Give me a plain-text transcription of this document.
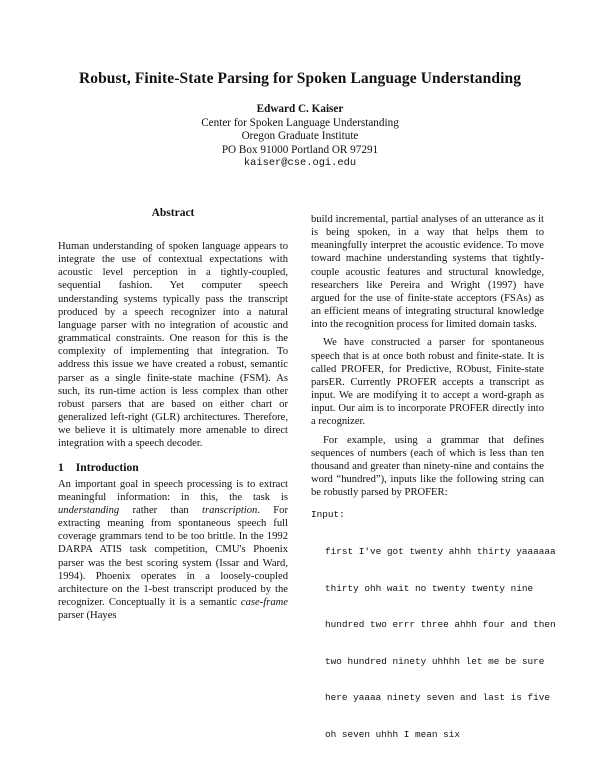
Robust, Finite-State Parsing for Spoken Language Understanding
Edward C. Kaiser
Center for Spoken Language Understanding
Oregon Graduate Institute
PO Box 91000 Portland OR 97291
kaiser@cse.ogi.edu
Abstract

Human understanding of spoken language appears to integrate the use of contextual expectations with acoustic level perception in a tightly-coupled, sequential fashion. Yet computer speech understanding systems typically pass the transcript produced by a speech recognizer into a natural language parser with no integration of acoustic and grammatical constraints. One reason for this is the complexity of implementing that integration. To address this issue we have created a robust, semantic parser as a single finite-state machine (FSM). As such, its run-time action is less complex than other robust parsers that are based on either chart or generalized left-right (GLR) architectures. Therefore, we believe it is ultimately more amenable to direct integration with a speech decoder.

1 Introduction

An important goal in speech processing is to extract meaningful information: in this, the task is understanding rather than transcription. For extracting meaning from spontaneous speech full coverage grammars tend to be too brittle. In the 1992 DARPA ATIS task competition, CMU's Phoenix parser was the best scoring system (Issar and Ward, 1994). Phoenix operates in a loosely-coupled architecture on the 1-best transcript produced by the recognizer. Conceptually it is a semantic case-frame parser (Hayes

build incremental, partial analyses of an utterance as it is being spoken, in a way that helps them to meaningfully interpret the acoustic evidence. To move toward machine understanding systems that tightly-couple acoustic features and structural knowledge, researchers like Pereira and Wright (1997) have argued for the use of finite-state acceptors (FSAs) as an efficient means of integrating structural knowledge into the recognition process for limited domain tasks.

We have constructed a parser for spontaneous speech that is at once both robust and finite-state. It is called PROFER, for Predictive, RObust, Finite-state parsER. Currently PROFER accepts a transcript as input. We are modifying it to accept a word-graph as input. Our aim is to incorporate PROFER directly into a recognizer.

For example, using a grammar that defines sequences of numbers (each of which is less than ten thousand and greater than ninety-nine and contains the word “hundred”), inputs like the following string can be robustly parsed by PROFER:

Input:

first I've got twenty ahhh thirty yaaaaaa

thirty ohh wait no twenty twenty nine

hundred two errr three ahhh four and then

two hundred ninety uhhhh let me be sure

here yaaaa ninety seven and last is five

oh seven uhhh I mean six
